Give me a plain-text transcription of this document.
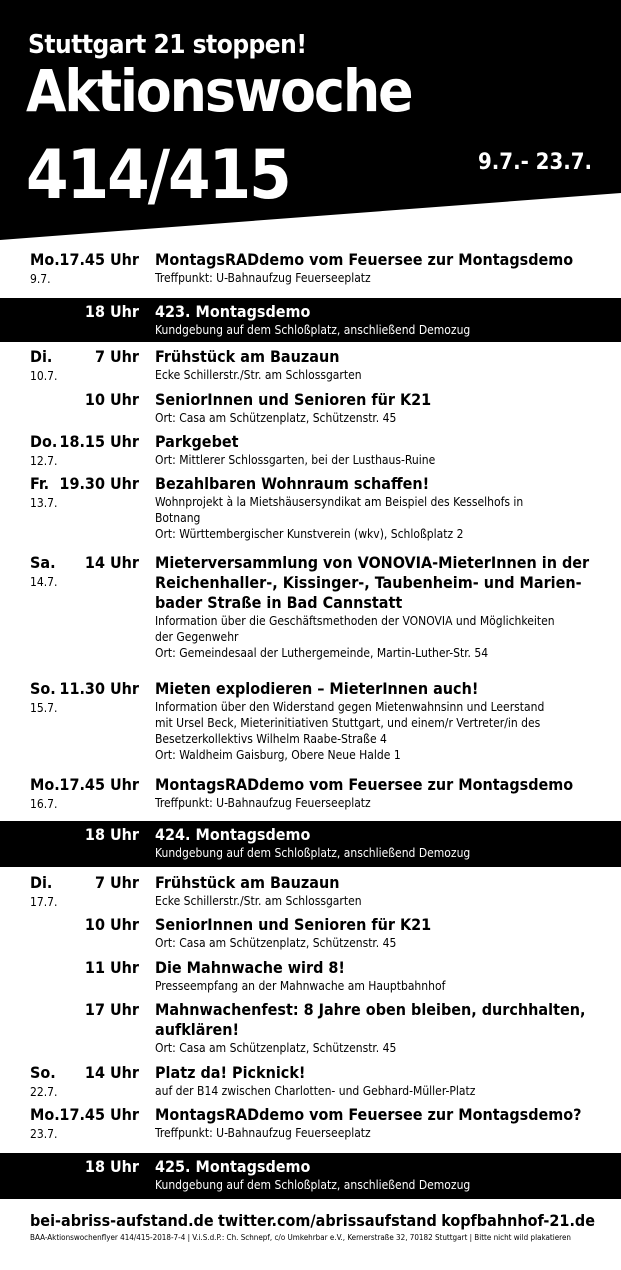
Stuttgart 21 stoppen!
Aktionswoche
414/415	9.7.- 23.7.
Mo.
9.7.
17.45 Uhr MontagsRADdemo vom Feuersee zur Montagsdemo
Treffpunkt: U-Bahnaufzug Feuerseeplatz
18 Uhr 423. Montagsdemo
Kundgebung auf dem Schloßplatz, anschließend Demozug
Di.
10.7.
7 Uhr Frühstück am Bauzaun
Ecke Schillerstr./Str. am Schlossgarten
10 Uhr SeniorInnen und Senioren für K21
Ort: Casa am Schützenplatz, Schützenstr. 45
Do.
12.7.
18.15 Uhr Parkgebet
Ort: Mittlerer Schlossgarten, bei der Lusthaus-Ruine
Fr.
13.7.
19.30 Uhr Bezahlbaren Wohnraum schaffen!
Wohnprojekt à la Mietshäusersyndikat am Beispiel des Kesselhofs in
Botnang
Ort: Württembergischer Kunstverein (wkv), Schloßplatz 2
Sa.
14.7.
14 Uhr Mieterversammlung von VONOVIA-MieterInnen in der
Reichenhaller-, Kissinger-, Taubenheim- und Marien-
bader Straße in Bad Cannstatt
Information über die Geschäftsmethoden der VONOVIA und Möglichkeiten
der Gegenwehr
Ort: Gemeindesaal der Luthergemeinde, Martin-Luther-Str. 54
So.
15.7.
11.30 Uhr Mieten explodieren – MieterInnen auch!
Information über den Widerstand gegen Mietenwahnsinn und Leerstand
mit Ursel Beck, Mieterinitiativen Stuttgart, und einem/r Vertreter/in des
Besetzerkollektivs Wilhelm Raabe-Straße 4
Ort: Waldheim Gaisburg, Obere Neue Halde 1
Mo.
16.7.
17.45 Uhr MontagsRADdemo vom Feuersee zur Montagsdemo
Treffpunkt: U-Bahnaufzug Feuerseeplatz
18 Uhr 424. Montagsdemo
Kundgebung auf dem Schloßplatz, anschließend Demozug
Di.
17.7.
7 Uhr Frühstück am Bauzaun
Ecke Schillerstr./Str. am Schlossgarten
10 Uhr SeniorInnen und Senioren für K21
Ort: Casa am Schützenplatz, Schützenstr. 45
11 Uhr Die Mahnwache wird 8!
Presseempfang an der Mahnwache am Hauptbahnhof
17 Uhr Mahnwachenfest: 8 Jahre oben bleiben, durchhalten,
aufklären!
Ort: Casa am Schützenplatz, Schützenstr. 45
So.
22.7.
14 Uhr Platz da! Picknick!
auf der B14 zwischen Charlotten- und Gebhard-Müller-Platz
Mo.
23.7.
17.45 Uhr MontagsRADdemo vom Feuersee zur Montagsdemo?
Treffpunkt: U-Bahnaufzug Feuerseeplatz
18 Uhr 425. Montagsdemo
Kundgebung auf dem Schloßplatz, anschließend Demozug
bei-abriss-aufstand.de twitter.com/abrissaufstand kopfbahnhof-21.de
BAA-Aktionswochenflyer 414/415-2018-7-4 | V.i.S.d.P.: Ch. Schnepf, c/o Umkehrbar e.V., Kernerstraße 32, 70182 Stuttgart | Bitte nicht wild plakatieren
